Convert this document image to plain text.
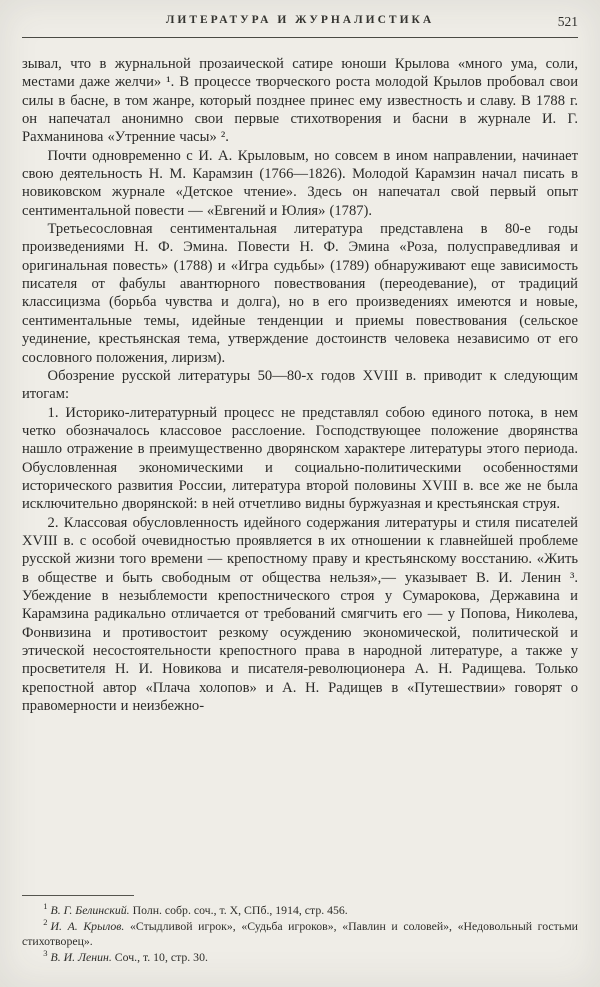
ЛИТЕРАТУРА И ЖУРНАЛИСТИКА	521

зывал, что в журнальной прозаической сатире юноши Крылова «много ума, соли, местами даже желчи» ¹. В процессе творческого роста молодой Крылов пробовал свои силы в басне, в том жанре, который позднее принес ему известность и славу. В 1788 г. он напечатал анонимно свои первые стихотворения и басни в журнале И. Г. Рахманинова «Утренние часы» ².

Почти одновременно с И. А. Крыловым, но совсем в ином направлении, начинает свою деятельность Н. М. Карамзин (1766—1826). Молодой Карамзин начал писать в новиковском журнале «Детское чтение». Здесь он напечатал свой первый опыт сентиментальной повести — «Евгений и Юлия» (1787).

Третьесословная сентиментальная литература представлена в 80-е годы произведениями Н. Ф. Эмина. Повести Н. Ф. Эмина «Роза, полусправедливая и оригинальная повесть» (1788) и «Игра судьбы» (1789) обнаруживают еще зависимость писателя от фабулы авантюрного повествования (переодевание), от традиций классицизма (борьба чувства и долга), но в его произведениях имеются и новые, сентиментальные темы, идейные тенденции и приемы повествования (сельское уединение, крестьянская тема, утверждение достоинств человека независимо от его сословного положения, лиризм).

Обозрение русской литературы 50—80-х годов XVIII в. приводит к следующим итогам:

1. Историко-литературный процесс не представлял собою единого потока, в нем четко обозначалось классовое расслоение. Господствующее положение дворянства нашло отражение в преимущественно дворянском характере литературы этого периода. Обусловленная экономическими и социально-политическими особенностями исторического развития России, литература второй половины XVIII в. все же не была исключительно дворянской: в ней отчетливо видны буржуазная и крестьянская струя.

2. Классовая обусловленность идейного содержания литературы и стиля писателей XVIII в. с особой очевидностью проявляется в их отношении к главнейшей проблеме русской жизни того времени — крепостному праву и крестьянскому восстанию. «Жить в обществе и быть свободным от общества нельзя»,— указывает В. И. Ленин ³. Убеждение в незыблемости крепостнического строя у Сумарокова, Державина и Карамзина радикально отличается от требований смягчить его — у Попова, Николева, Фонвизина и противостоит резкому осуждению экономической, политической и этической несостоятельности крепостного права в народной литературе, а также у просветителя Н. И. Новикова и писателя-революционера А. Н. Радищева. Только крепостной автор «Плача холопов» и А. Н. Радищев в «Путешествии» говорят о правомерности и неизбежно-

$^1$ В. Г. Белинский. Полн. собр. соч., т. X, СПб., 1914, стр. 456.

$^2$ И. А. Крылов. «Стыдливой игрок», «Судьба игроков», «Павлин и соловей», «Недовольный гостьми стихотворец».

$^3$ В. И. Ленин. Соч., т. 10, стр. 30.
